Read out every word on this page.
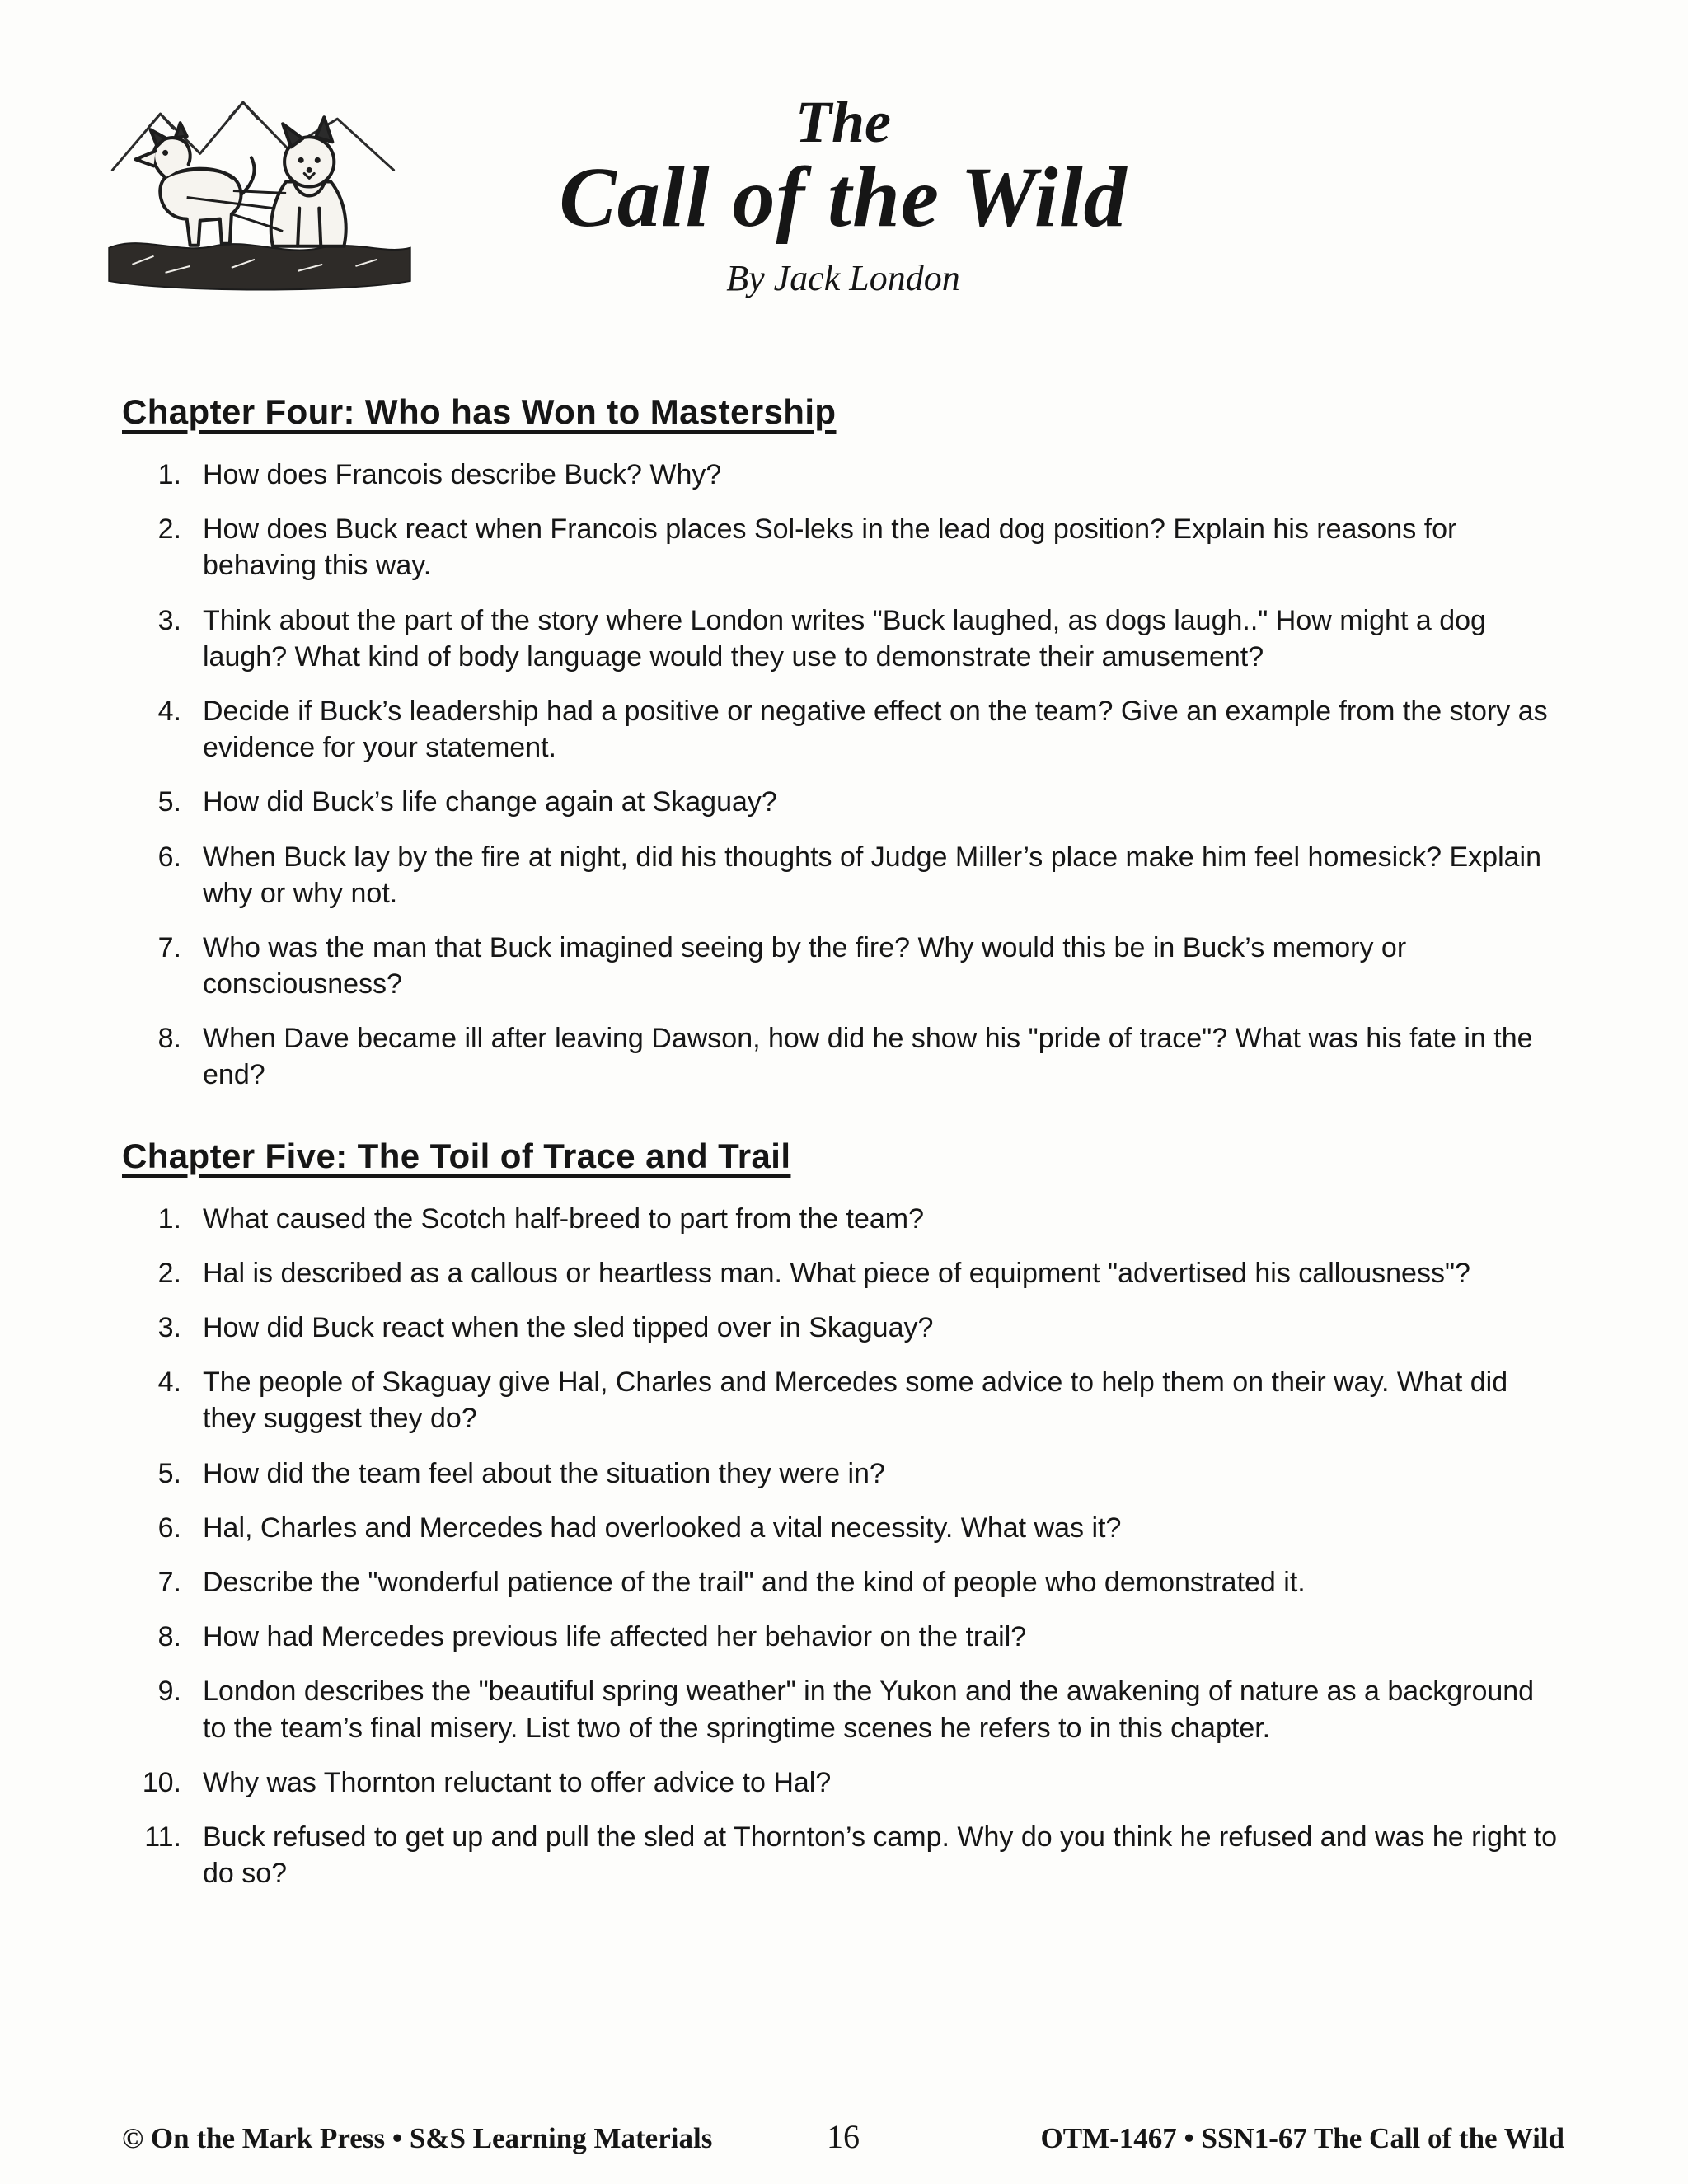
The
Call of the Wild
By Jack London
Chapter Four: Who has Won to Mastership
1. How does Francois describe Buck? Why?
2. How does Buck react when Francois places Sol-leks in the lead dog position? Explain his reasons for behaving this way.
3. Think about the part of the story where London writes "Buck laughed, as dogs laugh.." How might a dog laugh? What kind of body language would they use to demonstrate their amusement?
4. Decide if Buck’s leadership had a positive or negative effect on the team? Give an example from the story as evidence for your statement.
5. How did Buck’s life change again at Skaguay?
6. When Buck lay by the fire at night, did his thoughts of Judge Miller’s place make him feel homesick? Explain why or why not.
7. Who was the man that Buck imagined seeing by the fire? Why would this be in Buck’s memory or consciousness?
8. When Dave became ill after leaving Dawson, how did he show his "pride of trace"? What was his fate in the end?
Chapter Five: The Toil of Trace and Trail
1. What caused the Scotch half-breed to part from the team?
2. Hal is described as a callous or heartless man. What piece of equipment "advertised his callousness"?
3. How did Buck react when the sled tipped over in Skaguay?
4. The people of Skaguay give Hal, Charles and Mercedes some advice to help them on their way. What did they suggest they do?
5. How did the team feel about the situation they were in?
6. Hal, Charles and Mercedes had overlooked a vital necessity. What was it?
7. Describe the "wonderful patience of the trail" and the kind of people who demonstrated it.
8. How had Mercedes previous life affected her behavior on the trail?
9. London describes the "beautiful spring weather" in the Yukon and the awakening of nature as a background to the team’s final misery. List two of the springtime scenes he refers to in this chapter.
10. Why was Thornton reluctant to offer advice to Hal?
11. Buck refused to get up and pull the sled at Thornton’s camp. Why do you think he refused and was he right to do so?
© On the Mark Press • S&S Learning Materials	16	OTM-1467 • SSN1-67 The Call of the Wild
